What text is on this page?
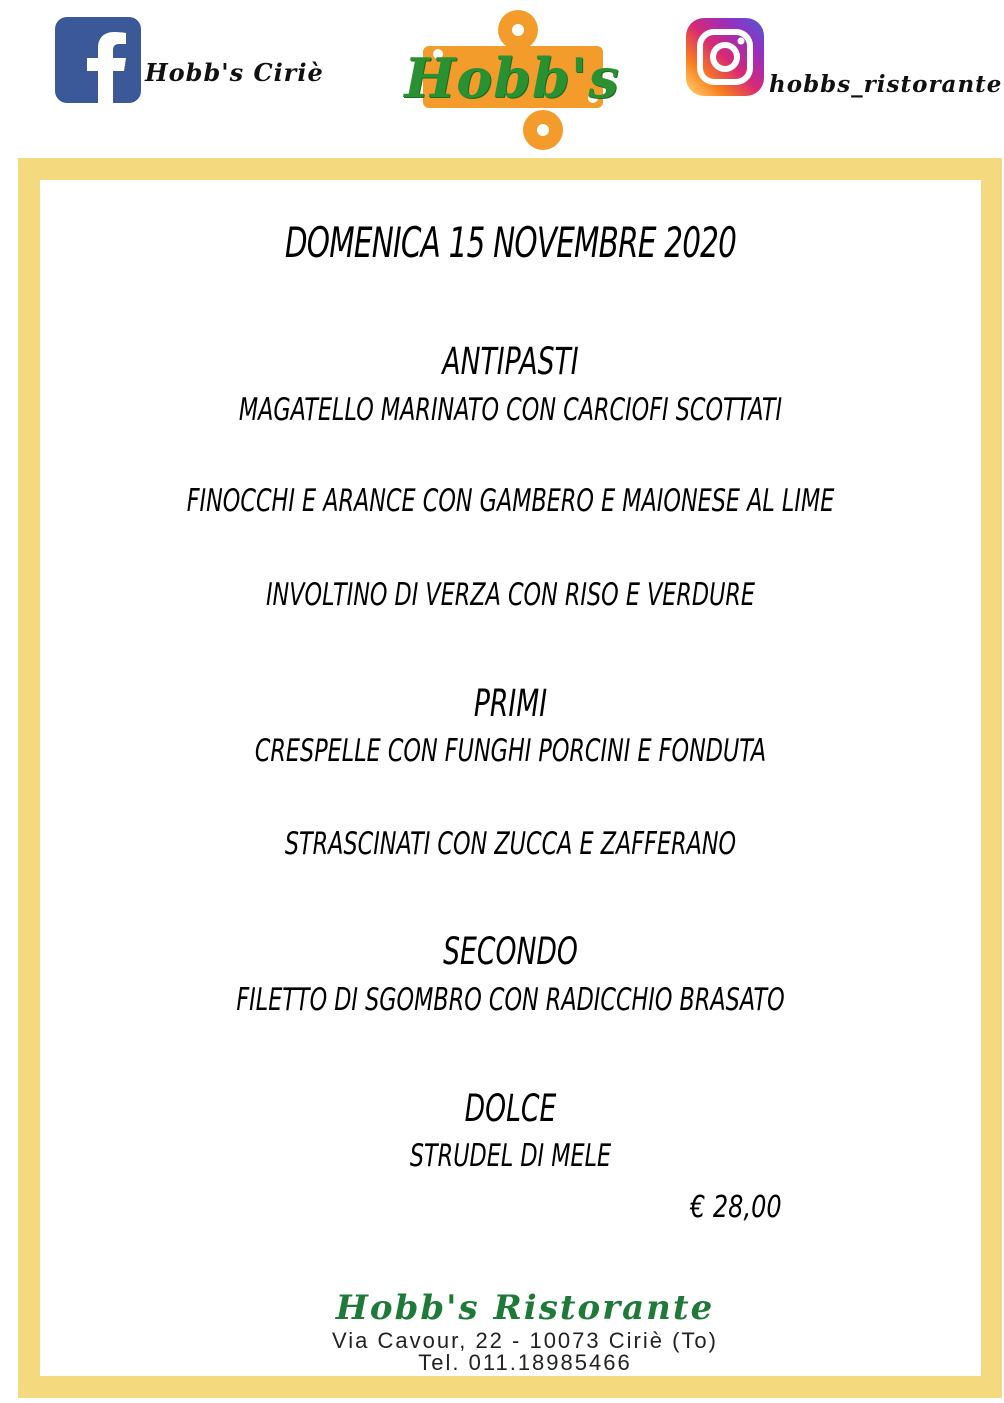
Hobb's Ciriè Hobb's	hobbs_ristorante
DOMENICA 15 NOVEMBRE 2020
ANTIPASTI
MAGATELLO MARINATO CON CARCIOFI SCOTTATI
FINOCCHI E ARANCE CON GAMBERO E MAIONESE AL LIME
INVOLTINO DI VERZA CON RISO E VERDURE
PRIMI
CRESPELLE CON FUNGHI PORCINI E FONDUTA
STRASCINATI CON ZUCCA E ZAFFERANO
SECONDO
FILETTO DI SGOMBRO CON RADICCHIO BRASATO
DOLCE
STRUDEL DI MELE
€ 28,00
Hobb's Ristorante
Via Cavour, 22 - 10073 Ciriè (To)
Tel. 011.18985466
